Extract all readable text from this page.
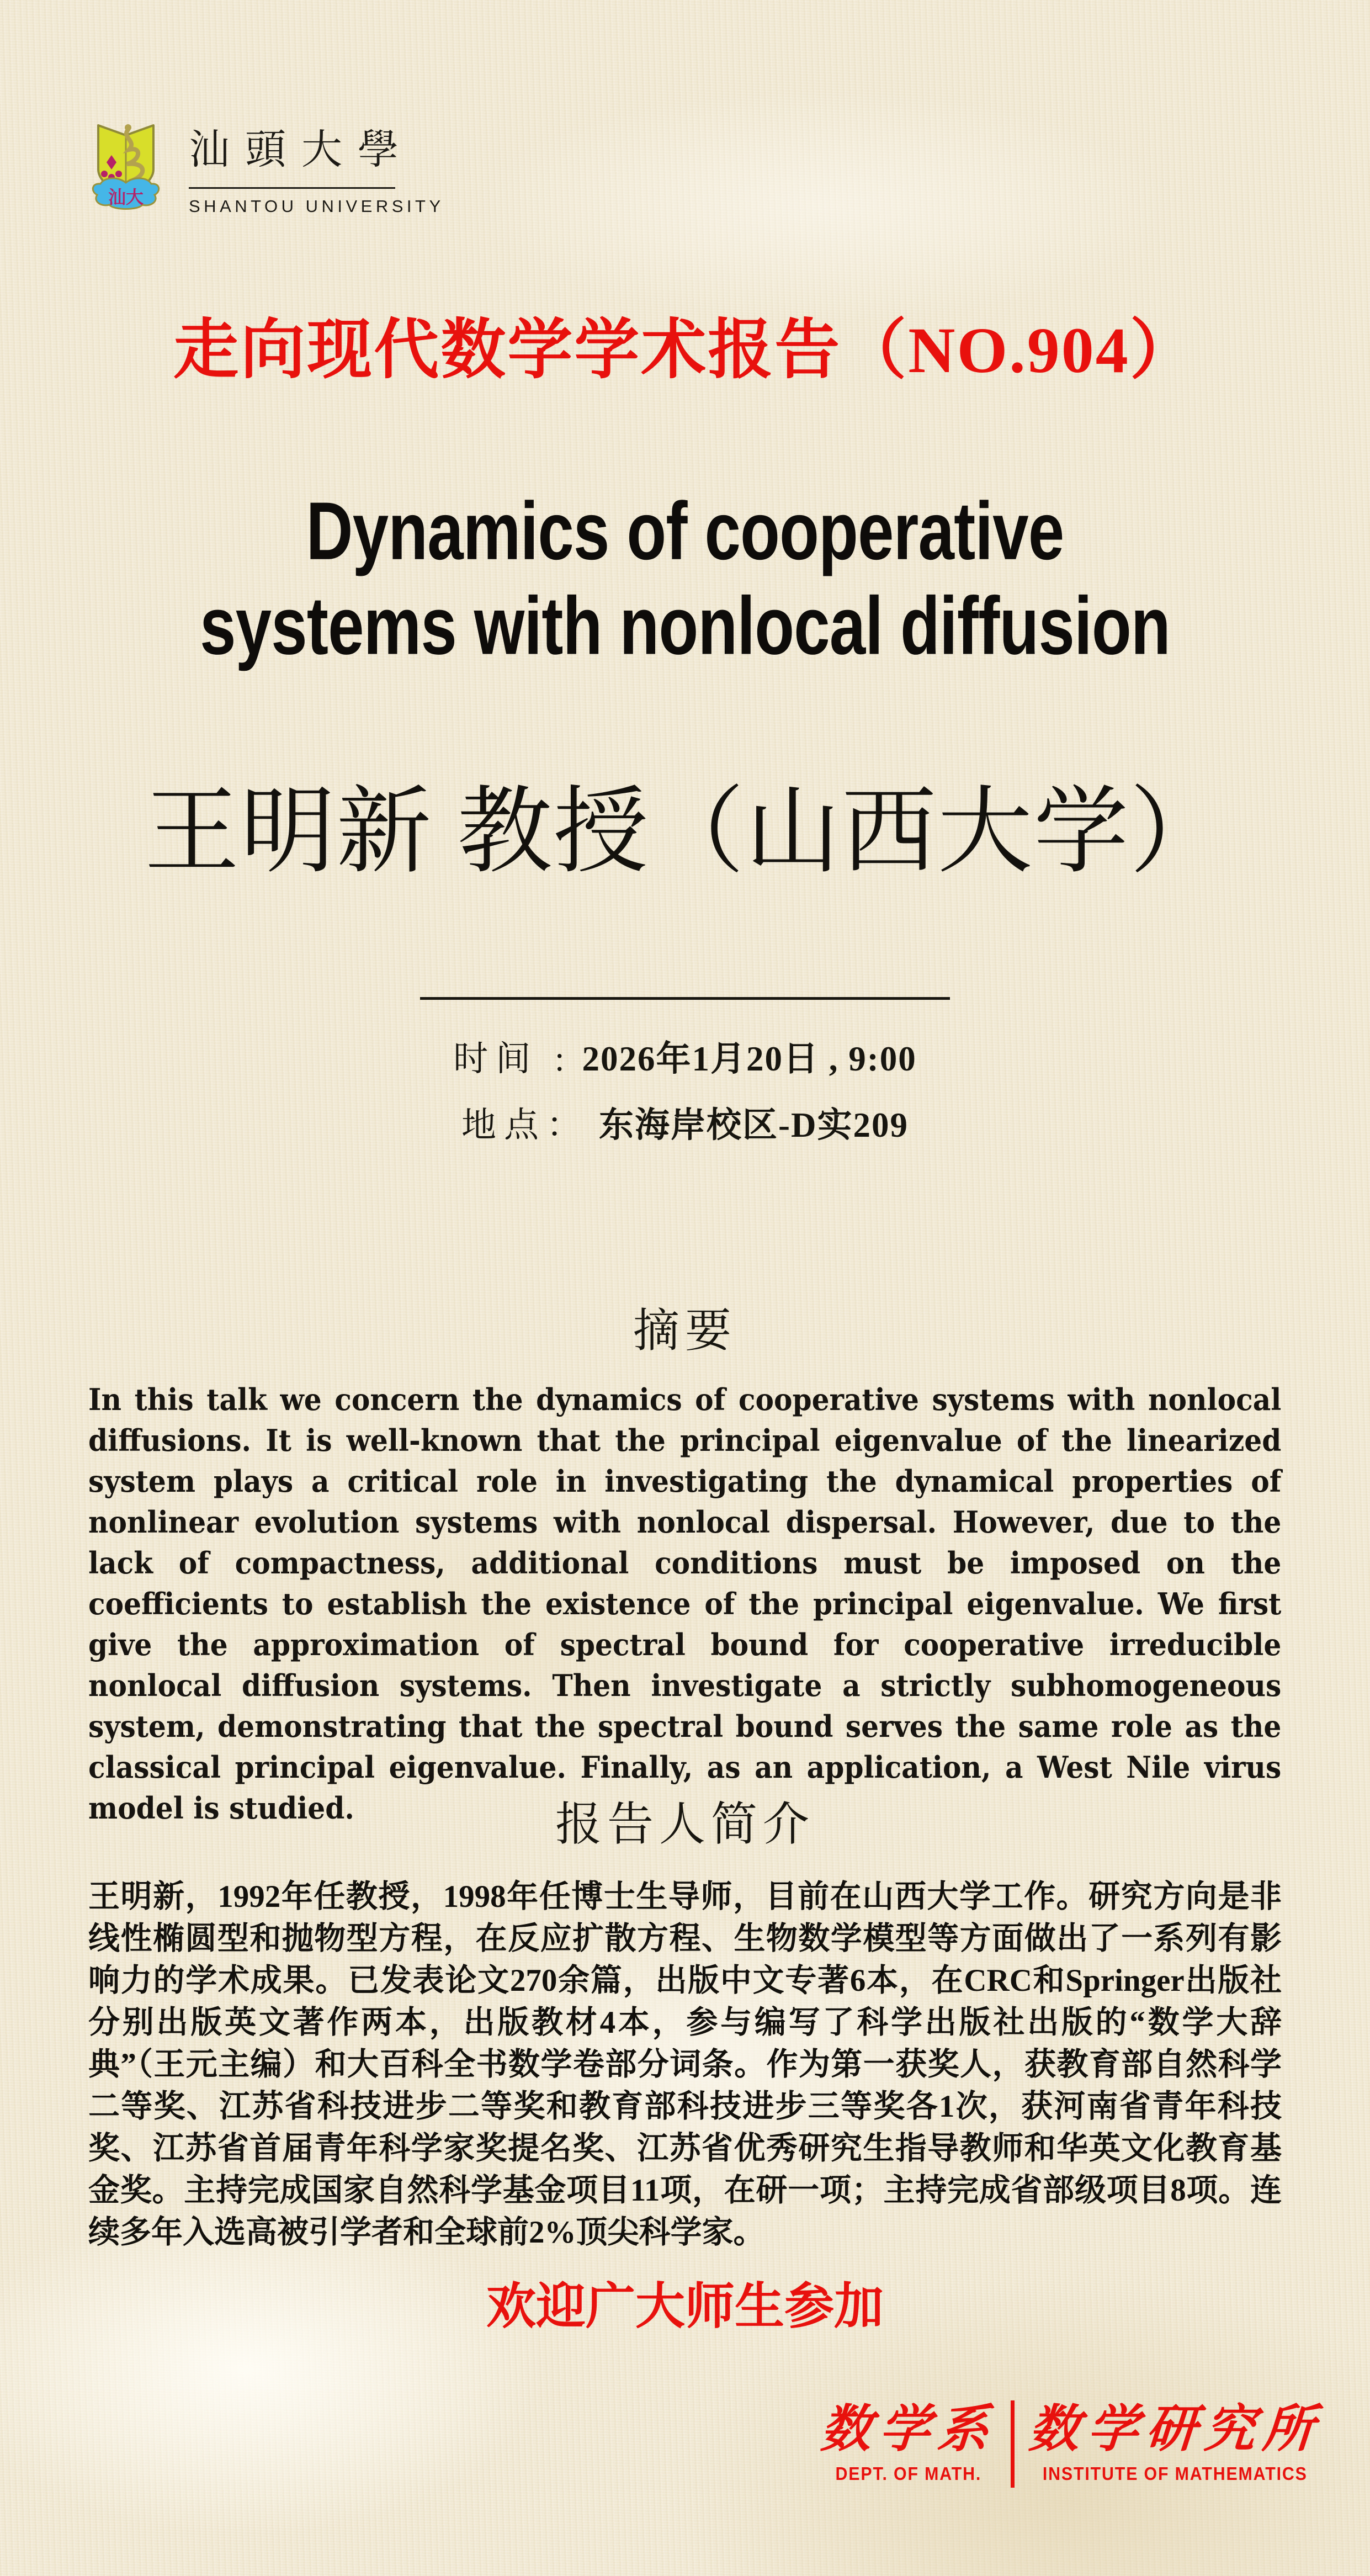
汕大
汕頭大學
SHANTOU UNIVERSITY
走向现代数学学术报告（NO.904）
Dynamics of cooperative
systems with nonlocal diffusion
王明新 教授（山西大学）
时间 : 2026年1月20日 , 9:00
地点： 东海岸校区-D实209
摘要

In this talk we concern the dynamics of cooperative systems with nonlocal diffusions. It is well-known that the principal eigenvalue of the linearized system plays a critical role in investigating the dynamical properties of nonlinear evolution systems with nonlocal dispersal. However, due to the lack of compactness, additional conditions must be imposed on the coefficients to establish the existence of the principal eigenvalue. We first give the approximation of spectral bound for cooperative irreducible nonlocal diffusion systems. Then investigate a strictly subhomogeneous system, demonstrating that the spectral bound serves the same role as the classical principal eigenvalue. Finally, as an application, a West Nile virus model is studied.	报告人简介

王明新，1992年任教授，1998年任博士生导师，目前在山西大学工作。研究方向是非线性椭圆型和抛物型方程，在反应扩散方程、生物数学模型等方面做出了一系列有影响力的学术成果。已发表论文270余篇，出版中文专著6本，在CRC和Springer出版社分别出版英文著作两本，出版教材4本，参与编写了科学出版社出版的“数学大辞典”（王元主编）和大百科全书数学卷部分词条。作为第一获奖人，获教育部自然科学二等奖、江苏省科技进步二等奖和教育部科技进步三等奖各1次，获河南省青年科技奖、江苏省首届青年科学家奖提名奖、江苏省优秀研究生指导教师和华英文化教育基金奖。主持完成国家自然科学基金项目11项，在研一项；主持完成省部级项目8项。连续多年入选高被引学者和全球前2%顶尖科学家。

欢迎广大师生参加
数学系
DEPT. OF MATH.
数学研究所
INSTITUTE OF MATHEMATICS
